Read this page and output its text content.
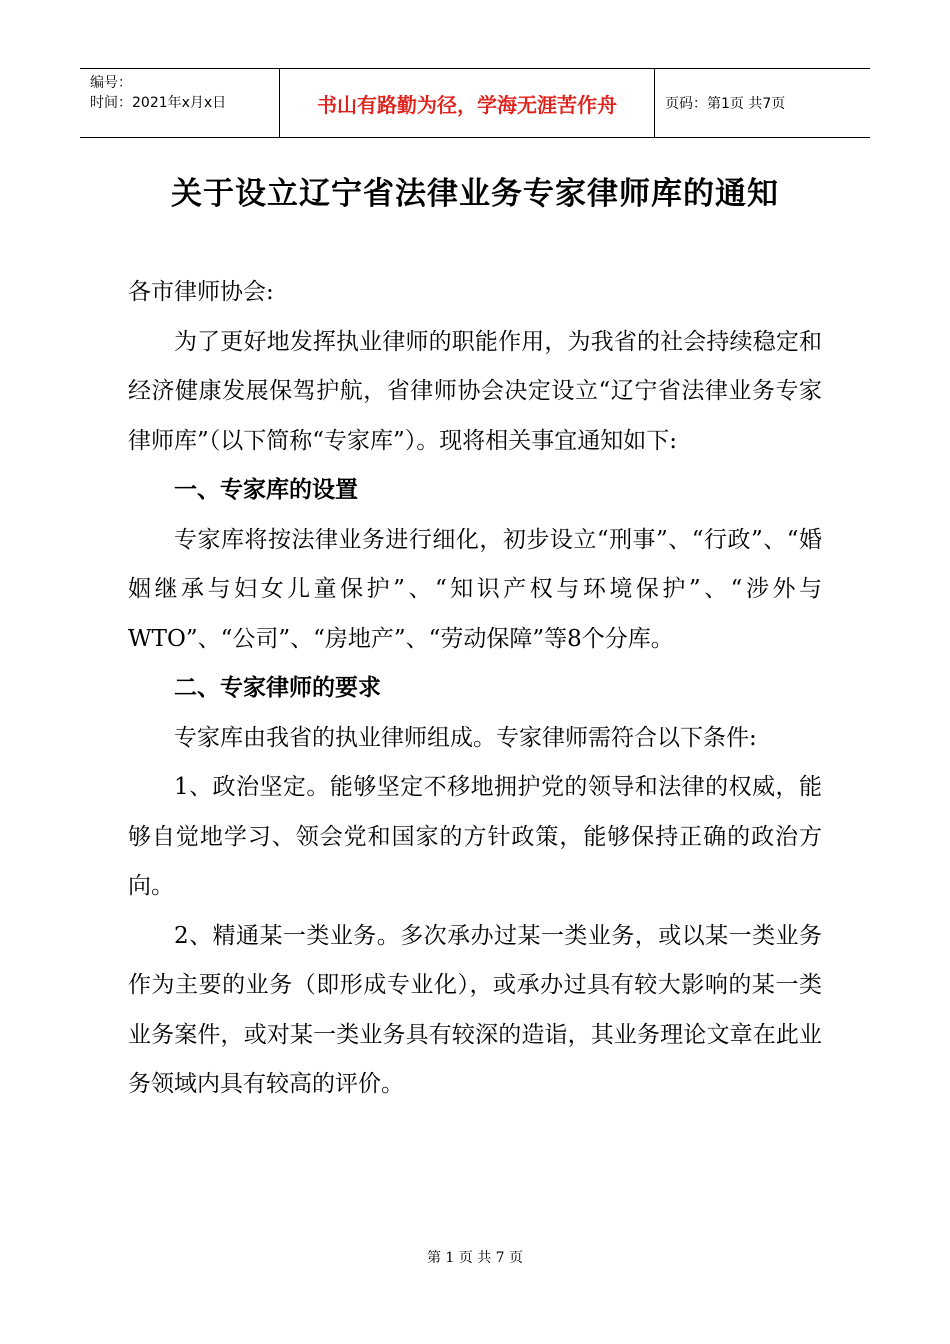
编号：
时间：2021年x月x日	书山有路勤为径，学海无涯苦作舟	页码：第1页 共7页
关于设立辽宁省法律业务专家律师库的通知

各市律师协会:

为了更好地发挥执业律师的职能作用，为我省的社会持续稳定和经济健康发展保驾护航，省律师协会决定设立“辽宁省法律业务专家律师库”（以下简称“专家库”）。现将相关事宜通知如下:

一、专家库的设置

专家库将按法律业务进行细化，初步设立“刑事”、“行政”、“婚姻继承与妇女儿童保护”、“知识产权与环境保护”、“涉外与WTO”、“公司”、“房地产”、“劳动保障”等8个分库。

二、专家律师的要求

专家库由我省的执业律师组成。专家律师需符合以下条件:

1、政治坚定。能够坚定不移地拥护党的领导和法律的权威，能够自觉地学习、领会党和国家的方针政策，能够保持正确的政治方向。

2、精通某一类业务。多次承办过某一类业务，或以某一类业务作为主要的业务（即形成专业化），或承办过具有较大影响的某一类业务案件，或对某一类业务具有较深的造诣，其业务理论文章在此业务领域内具有较高的评价。

第 1 页 共 7 页
